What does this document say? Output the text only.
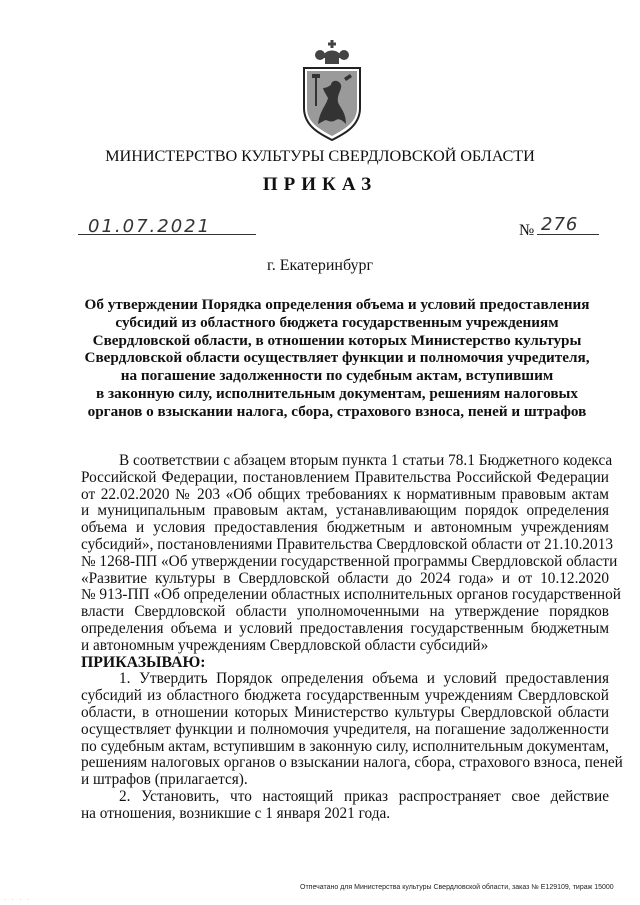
МИНИСТЕРСТВО КУЛЬТУРЫ СВЕРДЛОВСКОЙ ОБЛАСТИ
ПРИКАЗ
01.07.2021	№ 276
г. Екатеринбург
Об утверждении Порядка определения объема и условий предоставления
субсидий из областного бюджета государственным учреждениям
Свердловской области, в отношении которых Министерство культуры
Свердловской области осуществляет функции и полномочия учредителя,
на погашение задолженности по судебным актам, вступившим
в законную силу, исполнительным документам, решениям налоговых
органов о взыскании налога, сбора, страхового взноса, пеней и штрафов
В соответствии с абзацем вторым пункта 1 статьи 78.1 Бюджетного кодекса
Российской Федерации, постановлением Правительства Российской Федерации
от 22.02.2020 № 203 «Об общих требованиях к нормативным правовым актам
и муниципальным правовым актам, устанавливающим порядок определения
объема и условия предоставления бюджетным и автономным учреждениям
субсидий», постановлениями Правительства Свердловской области от 21.10.2013
№ 1268-ПП «Об утверждении государственной программы Свердловской области
«Развитие культуры в Свердловской области до 2024 года» и от 10.12.2020
№ 913-ПП «Об определении областных исполнительных органов государственной
власти Свердловской области уполномоченными на утверждение порядков
определения объема и условий предоставления государственным бюджетным
и автономным учреждениям Свердловской области субсидий»
ПРИКАЗЫВАЮ:
1. Утвердить Порядок определения объема и условий предоставления
субсидий из областного бюджета государственным учреждениям Свердловской
области, в отношении которых Министерство культуры Свердловской области
осуществляет функции и полномочия учредителя, на погашение задолженности
по судебным актам, вступившим в законную силу, исполнительным документам,
решениям налоговых органов о взыскании налога, сбора, страхового взноса, пеней
и штрафов (прилагается).
2. Установить, что настоящий приказ распространяет свое действие
на отношения, возникшие с 1 января 2021 года.
Отпечатано для Министерства культуры Свердловской области, заказ № Е129109, тираж 15000
· · · ·
